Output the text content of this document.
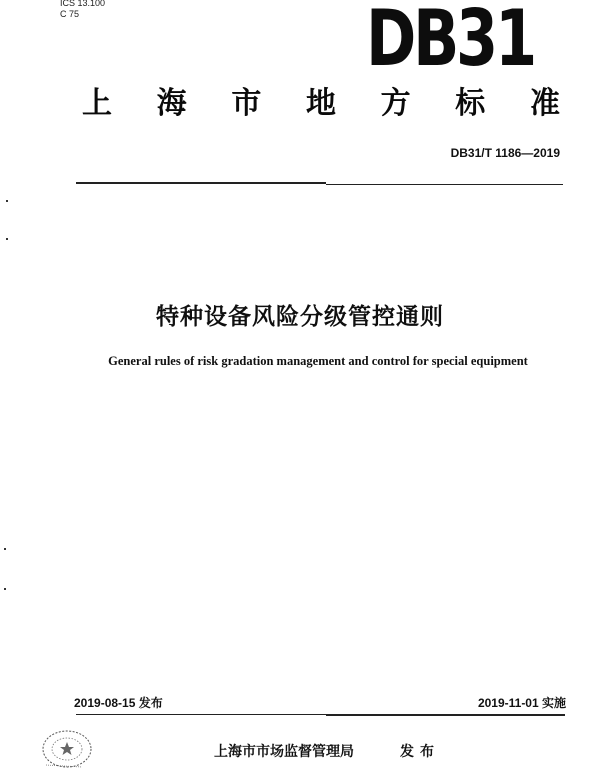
ICS 13.100
C 75	DB31
上 海 市 地 方 标 准
DB31/T 1186—2019
特种设备风险分级管控通则
General rules of risk gradation management and control for special equipment
2019-08-15 发布	2019-11-01 实施
上海市市场监督管理局	发布
